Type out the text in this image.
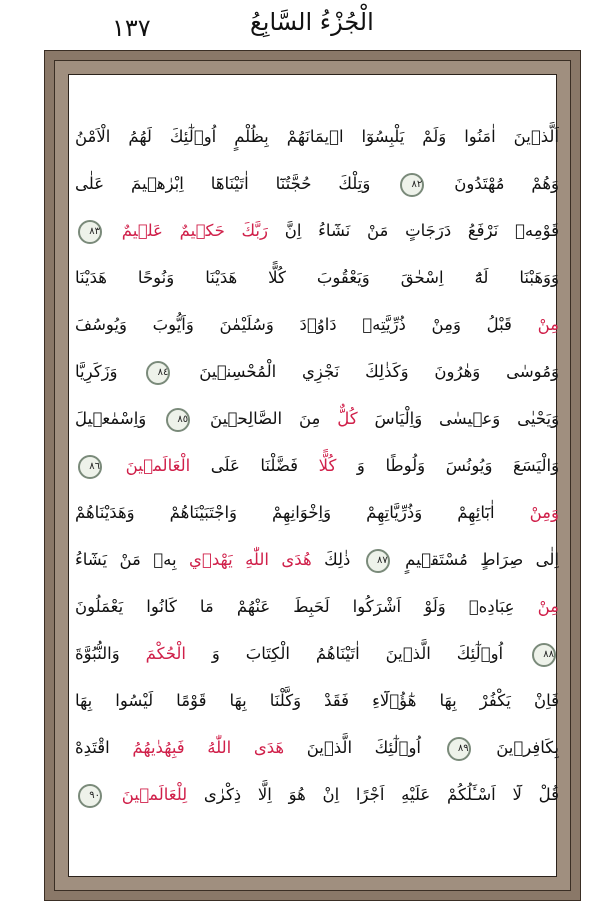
١٣٧	الْجُزْءُ السَّابِعُ
اَلَّذ۪ينَ اٰمَنُوا وَلَمْ يَلْبِسُوٓا ا۪يمَانَهُمْ بِظُلْمٍ اُو۬لٰٓئِكَ لَهُمُ الْاَمْنُ
وَهُمْ مُهْتَدُونَ ٨٢ وَتِلْكَ حُجَّتُنَٓا اٰتَيْنَاهَٓا اِبْرٰه۪يمَ عَلٰى
قَوْمِه۪ نَرْفَعُ دَرَجَاتٍ مَنْ نَشَٓاءُ اِنَّ رَبَّكَ حَك۪يمٌ عَل۪يمٌ ٨٣
وَوَهَبْنَا لَهُٓ اِسْحٰقَ وَيَعْقُوبَ كُلًّا هَدَيْنَا وَنُوحًا هَدَيْنَا
مِنْ قَبْلُ وَمِنْ ذُرِّيَّتِه۪ دَاوُ۫دَ وَسُلَيْمٰنَ وَاَيُّوبَ وَيُوسُفَ
وَمُوسٰى وَهٰرُونَ وَكَذٰلِكَ نَجْزِي الْمُحْسِن۪ينَ ٨٤ وَزَكَرِيَّا
وَيَحْيٰى وَع۪يسٰى وَاِلْيَاسَ كُلٌّ مِنَ الصَّالِح۪ينَ ٨٥ وَاِسْمٰع۪يلَ
وَالْيَسَعَ وَيُونُسَ وَلُوطًا وَ كُلًّا فَضَّلْنَا عَلَى الْعَالَم۪ينَ ٨٦
وَمِنْ اٰبَٓائِهِمْ وَذُرِّيَّاتِهِمْ وَاِخْوَانِهِمْ وَاجْتَبَيْنَاهُمْ وَهَدَيْنَاهُمْ
اِلٰى صِرَاطٍ مُسْتَق۪يمٍ ٨٧ ذٰلِكَ هُدَى اللّٰهِ يَهْد۪ي بِه۪ مَنْ يَشَٓاءُ
مِنْ عِبَادِه۪ وَلَوْ اَشْرَكُوا لَحَبِطَ عَنْهُمْ مَا كَانُوا يَعْمَلُونَ
٨٨ اُو۬لٰٓئِكَ الَّذ۪ينَ اٰتَيْنَاهُمُ الْكِتَابَ وَ الْحُكْمَ وَالنُّبُوَّةَ
فَاِنْ يَكْفُرْ بِهَا هٰٓؤُ۬لَٓاءِ فَقَدْ وَكَّلْنَا بِهَا قَوْمًا لَيْسُوا بِهَا
بِكَافِر۪ينَ ٨٩ اُو۬لٰٓئِكَ الَّذ۪ينَ هَدَى اللّٰهُ فَبِهُدٰيهُمُ اقْتَدِهْ
قُلْ لَٓا اَسْـَٔلُكُمْ عَلَيْهِ اَجْرًا اِنْ هُوَ اِلَّا ذِكْرٰى لِلْعَالَم۪ينَ ٩٠
